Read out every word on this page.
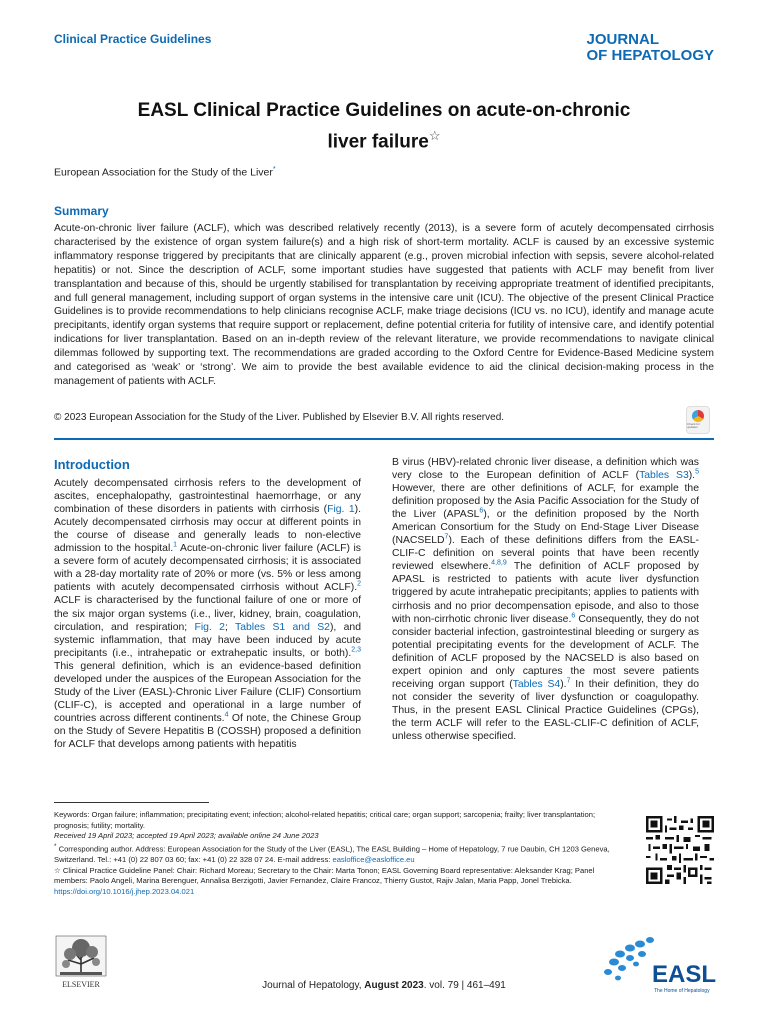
Clinical Practice Guidelines	JOURNAL
OF HEPATOLOGY
EASL Clinical Practice Guidelines on acute-on-chronic
liver failure☆
European Association for the Study of the Liver*
Summary
Acute-on-chronic liver failure (ACLF), which was described relatively recently (2013), is a severe form of acutely decompensated cirrhosis characterised by the existence of organ system failure(s) and a high risk of short-term mortality. ACLF is caused by an excessive systemic inflammatory response triggered by precipitants that are clinically apparent (e.g., proven microbial infection with sepsis, severe alcohol-related hepatitis) or not. Since the description of ACLF, some important studies have suggested that patients with ACLF may benefit from liver transplantation and because of this, should be urgently stabilised for transplantation by receiving appropriate treatment of identified precipitants, and full general management, including support of organ systems in the intensive care unit (ICU). The objective of the present Clinical Practice Guidelines is to provide recommendations to help clinicians recognise ACLF, make triage decisions (ICU vs. no ICU), identify and manage acute precipitants, identify organ systems that require support or replacement, define potential criteria for futility of intensive care, and identify potential indications for liver transplantation. Based on an in-depth review of the relevant literature, we provide recommendations to navigate clinical dilemmas followed by supporting text. The recommendations are graded according to the Oxford Centre for Evidence-Based Medicine system and categorised as ‘weak’ or ‘strong’. We aim to provide the best available evidence to aid the clinical decision-making process in the management of patients with ACLF.
© 2023 European Association for the Study of the Liver. Published by Elsevier B.V. All rights reserved.
Check for updates
Introduction
Acutely decompensated cirrhosis refers to the development of ascites, encephalopathy, gastrointestinal haemorrhage, or any combination of these disorders in patients with cirrhosis (Fig. 1). Acutely decompensated cirrhosis may occur at different points in the course of disease and generally leads to non-elective admission to the hospital.$^1$ Acute-on-chronic liver failure (ACLF) is a severe form of acutely decompensated cirrhosis; it is associated with a 28-day mortality rate of 20% or more (vs. 5% or less among patients with acutely decompensated cirrhosis without ACLF).$^2$ ACLF is characterised by the functional failure of one or more of the six major organ systems (i.e., liver, kidney, brain, coagulation, circulation, and respiration; Fig. 2; Tables S1 and S2), and systemic inflammation, that may have been induced by acute precipitants (i.e., intrahepatic or extrahepatic insults, or both).$^{2,3}$ This general definition, which is an evidence-based definition developed under the auspices of the European Association for the Study of the Liver (EASL)-Chronic Liver Failure (CLIF) Consortium (CLIF-C), is accepted and operational in a large number of countries across different continents.$^4$ Of note, the Chinese Group on the Study of Severe Hepatitis B (COSSH) proposed a definition for ACLF that develops among patients with hepatitis
B virus (HBV)-related chronic liver disease, a definition which was very close to the European definition of ACLF (Tables S3).$^5$ However, there are other definitions of ACLF, for example the definition proposed by the Asia Pacific Association for the Study of the Liver (APASL$^6$), or the definition proposed by the North American Consortium for the Study on End-Stage Liver Disease (NACSELD$^7$). Each of these definitions differs from the EASL-CLIF-C definition on several points that have been recently reviewed elsewhere.$^{4,8,9}$ The definition of ACLF proposed by APASL is restricted to patients with acute liver dysfunction triggered by acute intrahepatic precipitants; applies to patients with cirrhosis and no prior decompensation episode, and also to those with non-cirrhotic chronic liver disease.$^6$ Consequently, they do not consider bacterial infection, gastrointestinal bleeding or surgery as potential precipitating events for the development of ACLF. The definition of ACLF proposed by the NACSELD is also based on expert opinion and only captures the most severe patients receiving organ support (Tables S4).$^7$ In their definition, they do not consider the severity of liver dysfunction or coagulopathy. Thus, in the present EASL Clinical Practice Guidelines (CPGs), the term ACLF will refer to the EASL-CLIF-C definition of ACLF, unless otherwise specified.
Keywords: Organ failure; inflammation; precipitating event; infection; alcohol-related hepatitis; critical care; organ support; sarcopenia; frailty; liver transplantation; prognosis; futility; mortality.
Received 19 April 2023; accepted 19 April 2023; available online 24 June 2023
* Corresponding author. Address: European Association for the Study of the Liver (EASL), The EASL Building – Home of Hepatology, 7 rue Daubin, CH 1203 Geneva, Switzerland. Tel.: +41 (0) 22 807 03 60; fax: +41 (0) 22 328 07 24. E-mail address: easloffice@easloffice.eu
☆ Clinical Practice Guideline Panel: Chair: Richard Moreau; Secretary to the Chair: Marta Tonon; EASL Governing Board representative: Aleksander Krag; Panel members: Paolo Angeli, Marina Berenguer, Annalisa Berzigotti, Javier Fernandez, Claire Francoz, Thierry Gustot, Rajiv Jalan, Maria Papp, Jonel Trebicka.
https://doi.org/10.1016/j.jhep.2023.04.021
ELSEVIER	Journal of Hepatology, August 2023. vol. 79 | 461–491	EASL
The Home of Hepatology
